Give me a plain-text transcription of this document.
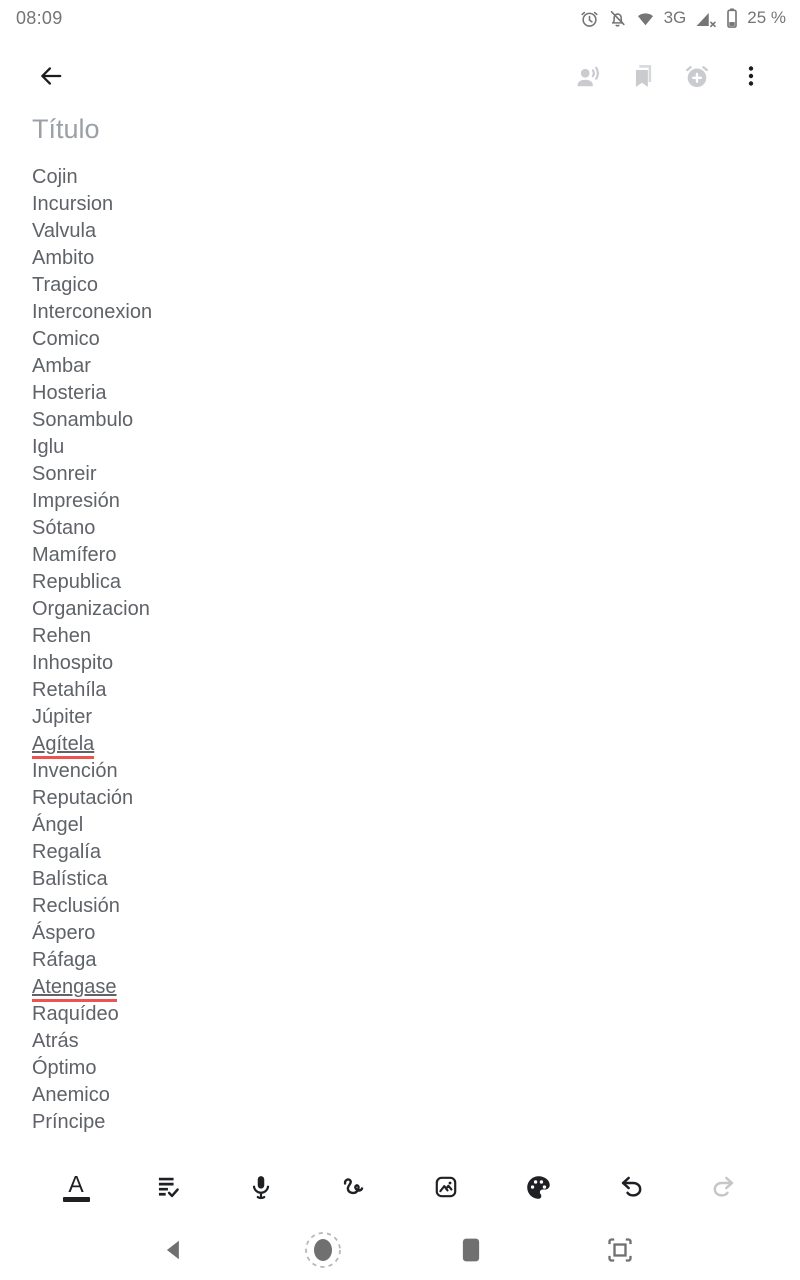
08:09	3G	25 %
Título
Cojin
Incursion
Valvula
Ambito
Tragico
Interconexion
Comico
Ambar
Hosteria
Sonambulo
Iglu
Sonreir
Impresión
Sótano
Mamífero
Republica
Organizacion
Rehen
Inhospito
Retahíla
Júpiter
Agítela
Invención
Reputación
Ángel
Regalía
Balística
Reclusión
Áspero
Ráfaga
Atengase
Raquídeo
Atrás
Óptimo
Anemico
Príncipe
A
